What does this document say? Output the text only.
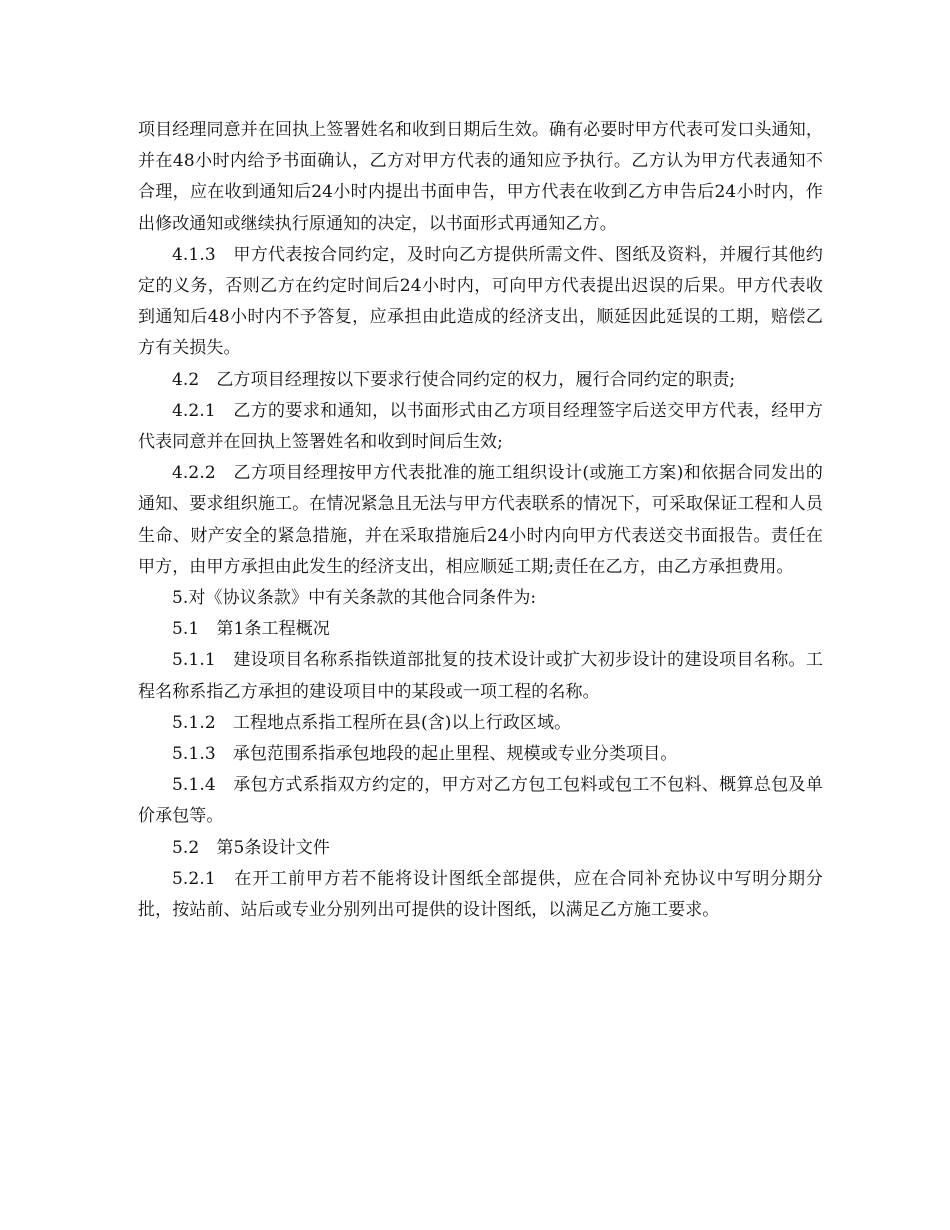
项目经理同意并在回执上签署姓名和收到日期后生效。确有必要时甲方代表可发口头通知，并在48小时内给予书面确认，乙方对甲方代表的通知应予执行。乙方认为甲方代表通知不合理，应在收到通知后24小时内提出书面申告，甲方代表在收到乙方申告后24小时内，作出修改通知或继续执行原通知的决定，以书面形式再通知乙方。

4.1.3　甲方代表按合同约定，及时向乙方提供所需文件、图纸及资料，并履行其他约定的义务，否则乙方在约定时间后24小时内，可向甲方代表提出迟误的后果。甲方代表收到通知后48小时内不予答复，应承担由此造成的经济支出，顺延因此延误的工期，赔偿乙方有关损失。

4.2　乙方项目经理按以下要求行使合同约定的权力，履行合同约定的职责;

4.2.1　乙方的要求和通知，以书面形式由乙方项目经理签字后送交甲方代表，经甲方代表同意并在回执上签署姓名和收到时间后生效;

4.2.2　乙方项目经理按甲方代表批准的施工组织设计(或施工方案)和依据合同发出的通知、要求组织施工。在情况紧急且无法与甲方代表联系的情况下，可采取保证工程和人员生命、财产安全的紧急措施，并在采取措施后24小时内向甲方代表送交书面报告。责任在甲方，由甲方承担由此发生的经济支出，相应顺延工期;责任在乙方，由乙方承担费用。

5.对《协议条款》中有关条款的其他合同条件为:

5.1　第1条工程概况

5.1.1　建设项目名称系指铁道部批复的技术设计或扩大初步设计的建设项目名称。工程名称系指乙方承担的建设项目中的某段或一项工程的名称。

5.1.2　工程地点系指工程所在县(含)以上行政区域。

5.1.3　承包范围系指承包地段的起止里程、规模或专业分类项目。

5.1.4　承包方式系指双方约定的，甲方对乙方包工包料或包工不包料、概算总包及单价承包等。

5.2　第5条设计文件

5.2.1　在开工前甲方若不能将设计图纸全部提供，应在合同补充协议中写明分期分批，按站前、站后或专业分别列出可提供的设计图纸，以满足乙方施工要求。
